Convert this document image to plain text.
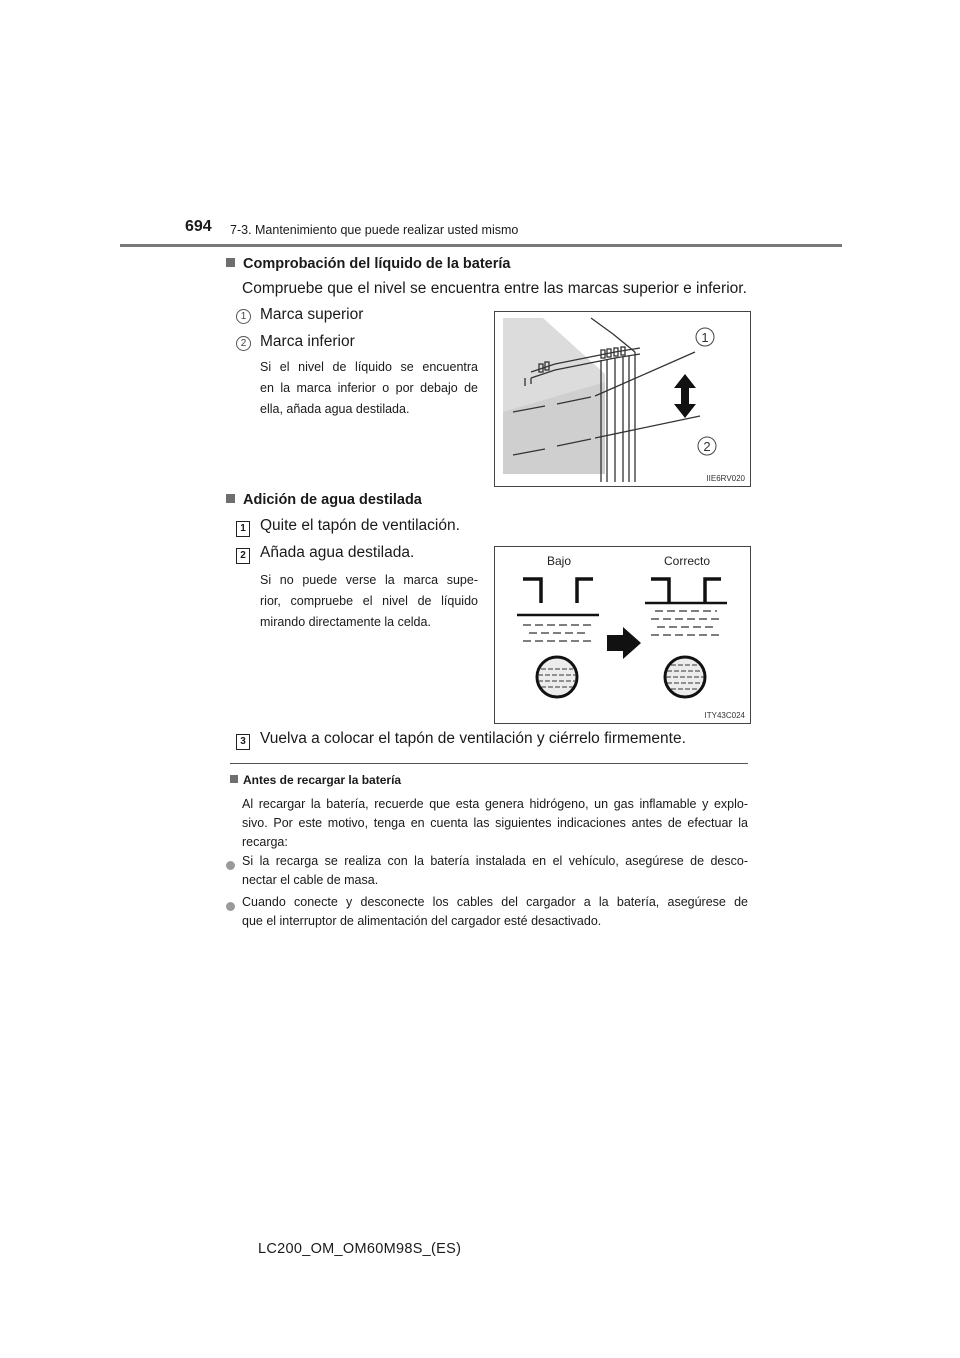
694 7-3. Mantenimiento que puede realizar usted mismo
Comprobación del líquido de la batería
Compruebe que el nivel se encuentra entre las marcas superior e inferior.
1 Marca superior
2 Marca inferior
Si el nivel de líquido se encuentra
en la marca inferior o por debajo de
ella, añada agua destilada.
1
2
IIE6RV020
Adición de agua destilada
1 Quite el tapón de ventilación.
2 Añada agua destilada.
Si no puede verse la marca supe-
rior, compruebe el nivel de líquido
mirando directamente la celda.
Bajo	Correcto
ITY43C024
3 Vuelva a colocar el tapón de ventilación y ciérrelo firmemente.
Antes de recargar la batería
Al recargar la batería, recuerde que esta genera hidrógeno, un gas inflamable y explo-
sivo. Por este motivo, tenga en cuenta las siguientes indicaciones antes de efectuar la
recarga:
Si la recarga se realiza con la batería instalada en el vehículo, asegúrese de desco-
nectar el cable de masa.
Cuando conecte y desconecte los cables del cargador a la batería, asegúrese de
que el interruptor de alimentación del cargador esté desactivado.
LC200_OM_OM60M98S_(ES)
